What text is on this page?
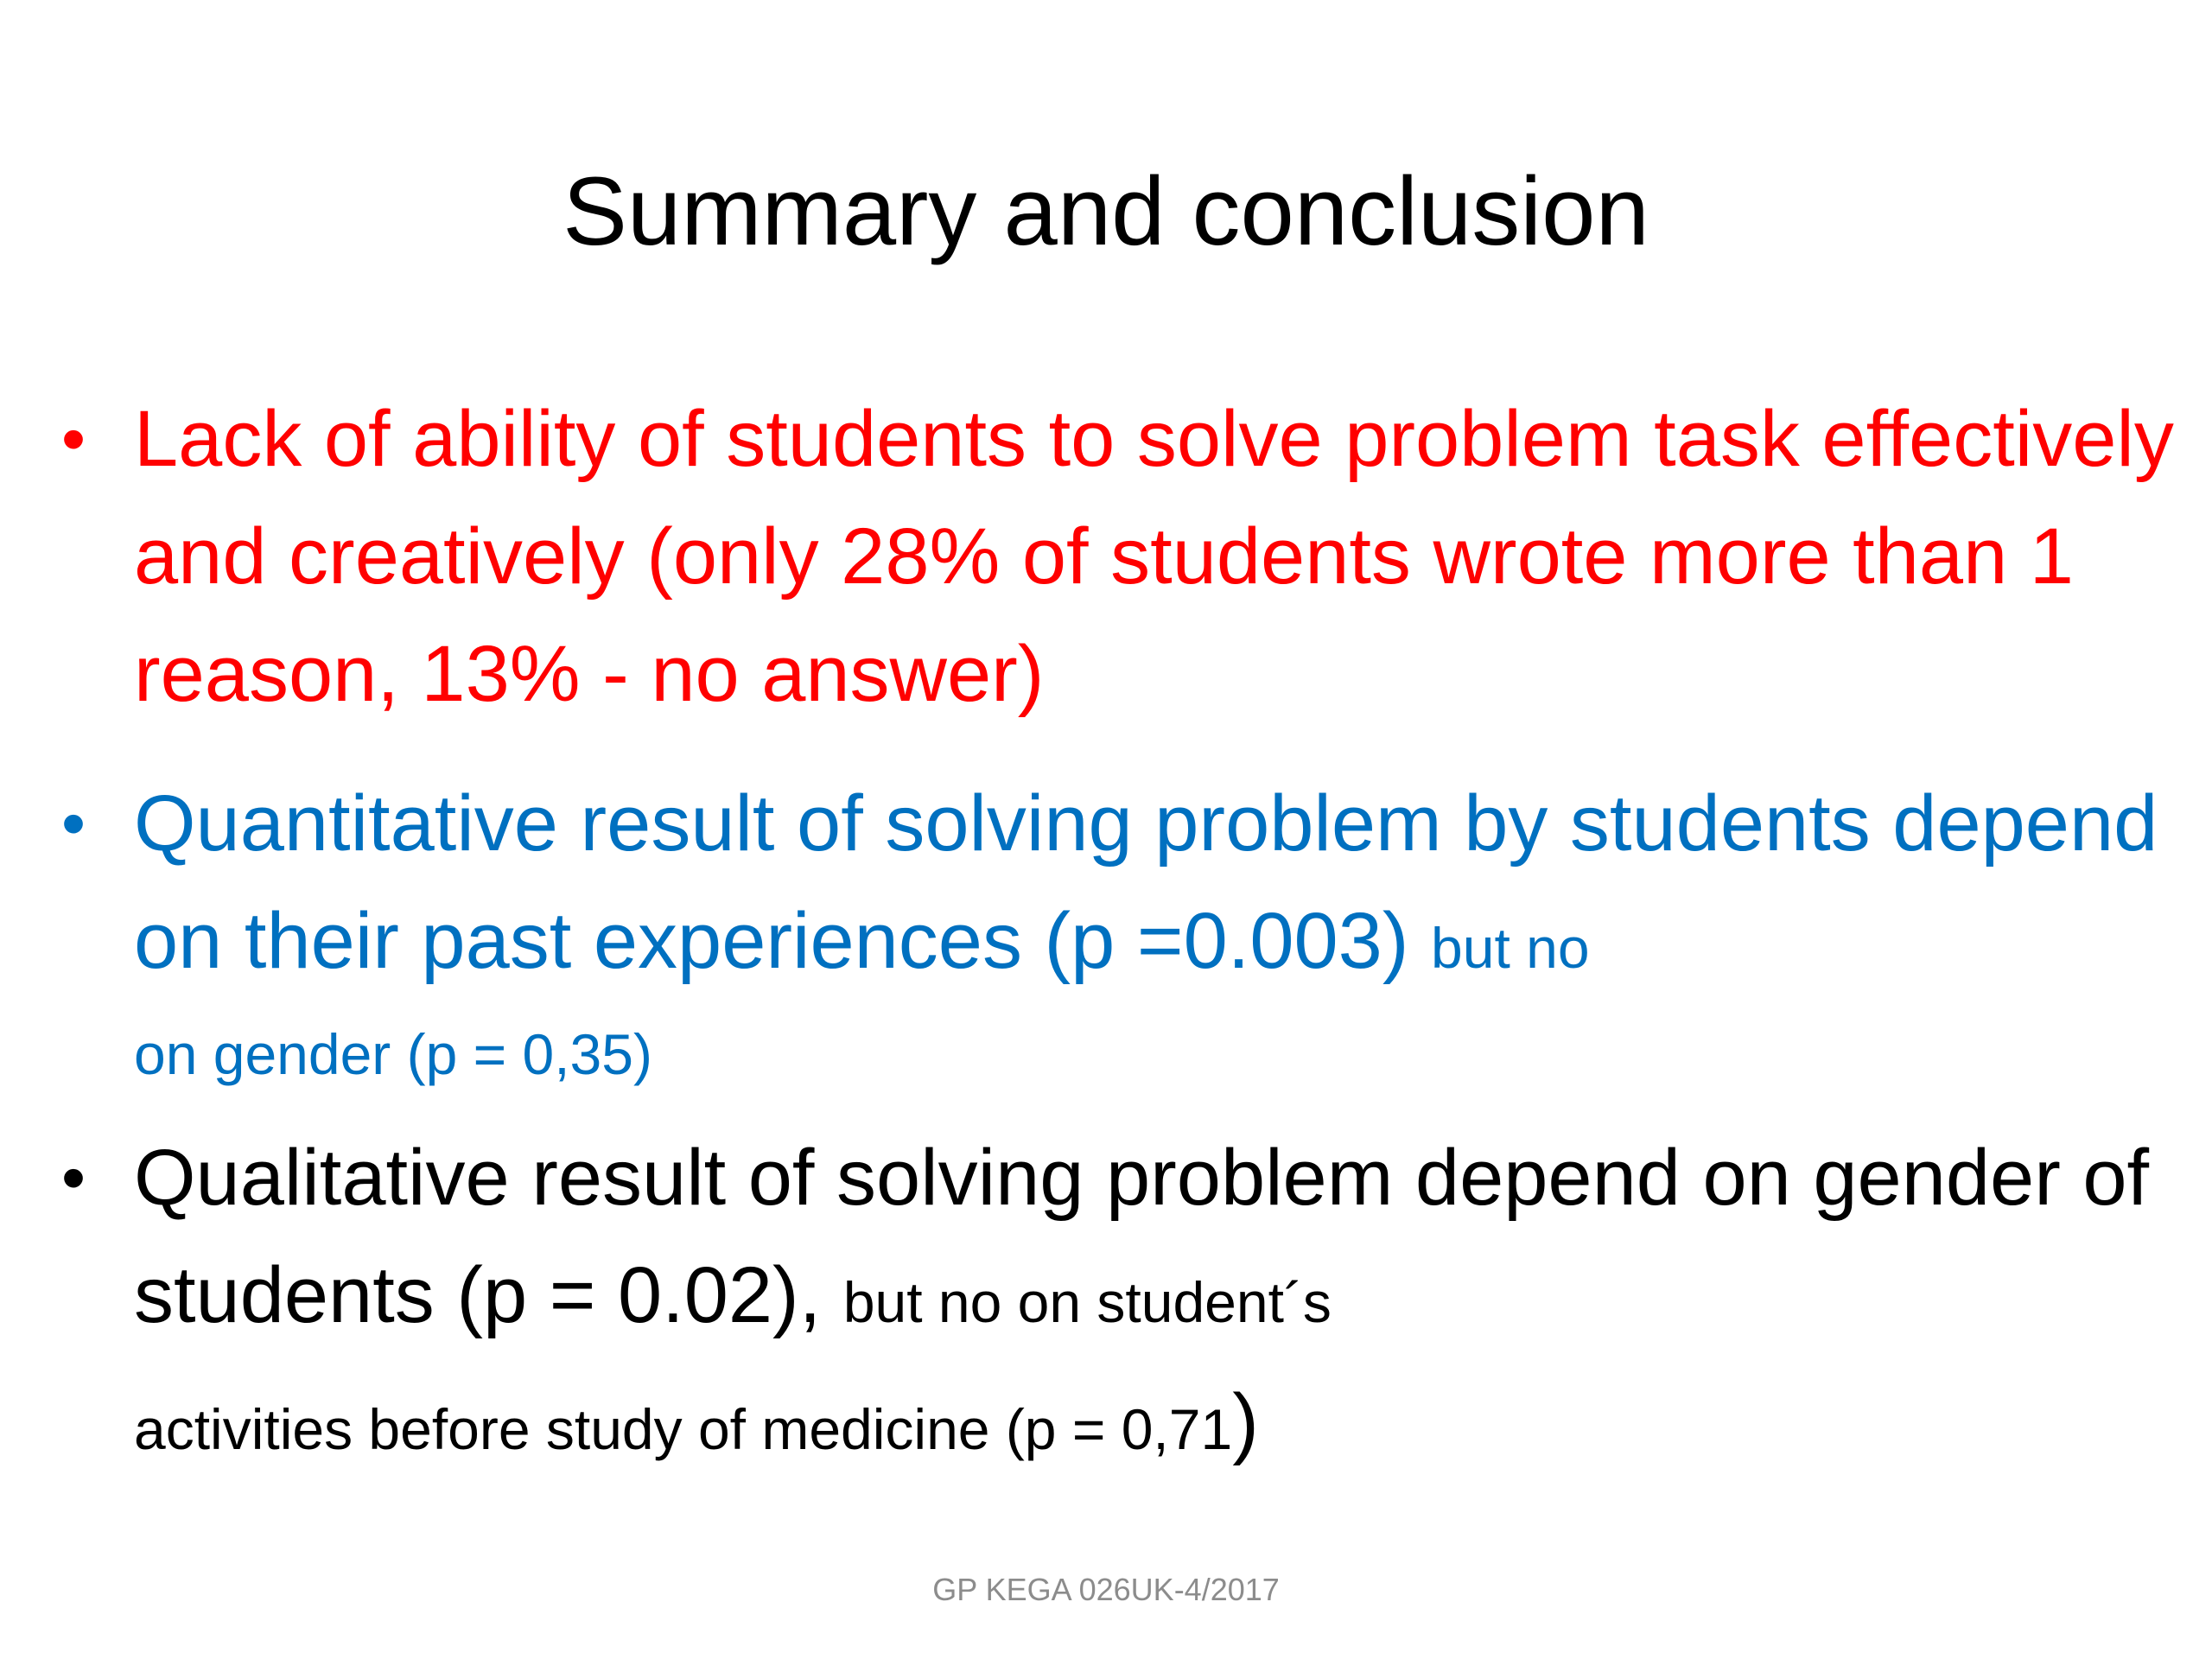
Summary and conclusion
• Lack of ability of students to solve problem task effectively and creatively (only 28% of students wrote more than 1 reason, 13% - no answer)
• Quantitative result of solving problem by students depend on their past experiences (p =0.003) but no
on gender (p = 0,35)
• Qualitative result of solving problem depend on gender of students (p = 0.02), but no on student´s
activities before study of medicine (p = 0,71)
GP KEGA 026UK-4/2017
